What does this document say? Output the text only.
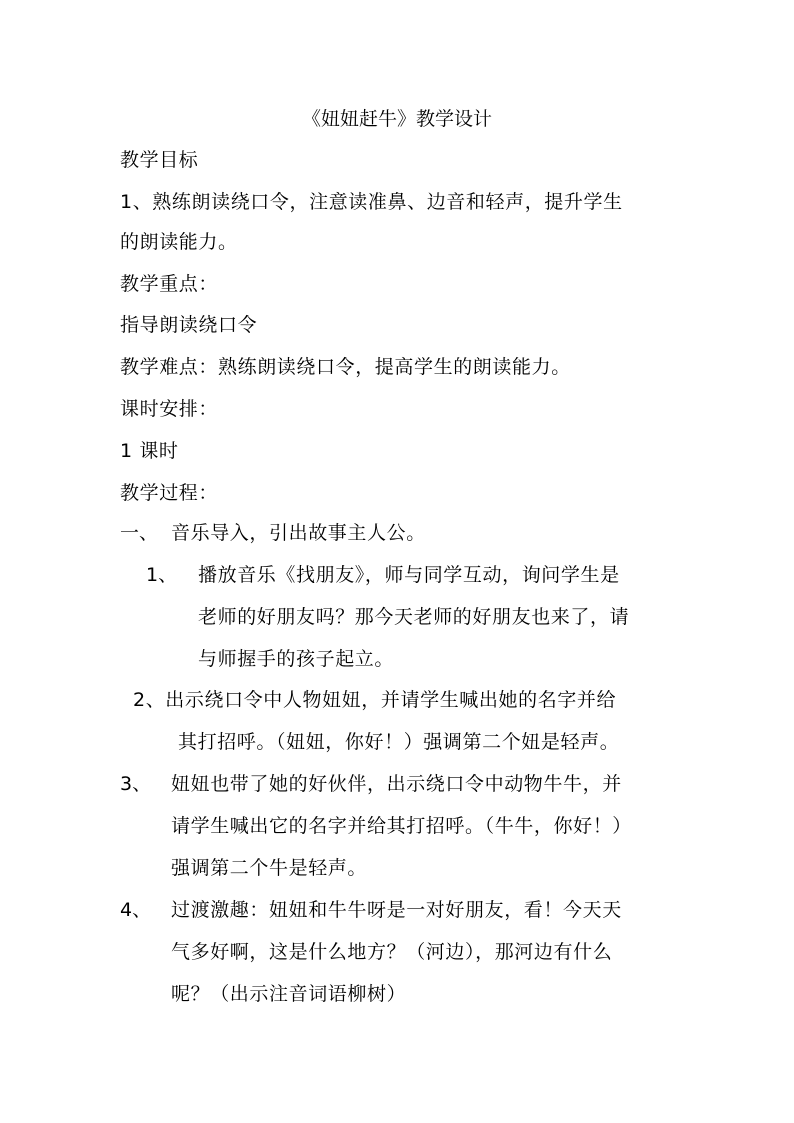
《妞妞赶牛》教学设计
教学目标
1、熟练朗读绕口令，注意读准鼻、边音和轻声，提升学生
的朗读能力。
教学重点：
指导朗读绕口令
教学难点：熟练朗读绕口令，提高学生的朗读能力。
课时安排：
1 课时
教学过程：
一、 音乐导入，引出故事主人公。
1、 播放音乐《找朋友》，师与同学互动，询问学生是
老师的好朋友吗？那今天老师的好朋友也来了，请
与师握手的孩子起立。
2、出示绕口令中人物妞妞，并请学生喊出她的名字并给
其打招呼。（妞妞，你好！）强调第二个妞是轻声。
3、 妞妞也带了她的好伙伴，出示绕口令中动物牛牛，并
请学生喊出它的名字并给其打招呼。（牛牛，你好！）
强调第二个牛是轻声。
4、 过渡激趣：妞妞和牛牛呀是一对好朋友，看！今天天
气多好啊，这是什么地方？（河边），那河边有什么
呢？（出示注音词语柳树）
